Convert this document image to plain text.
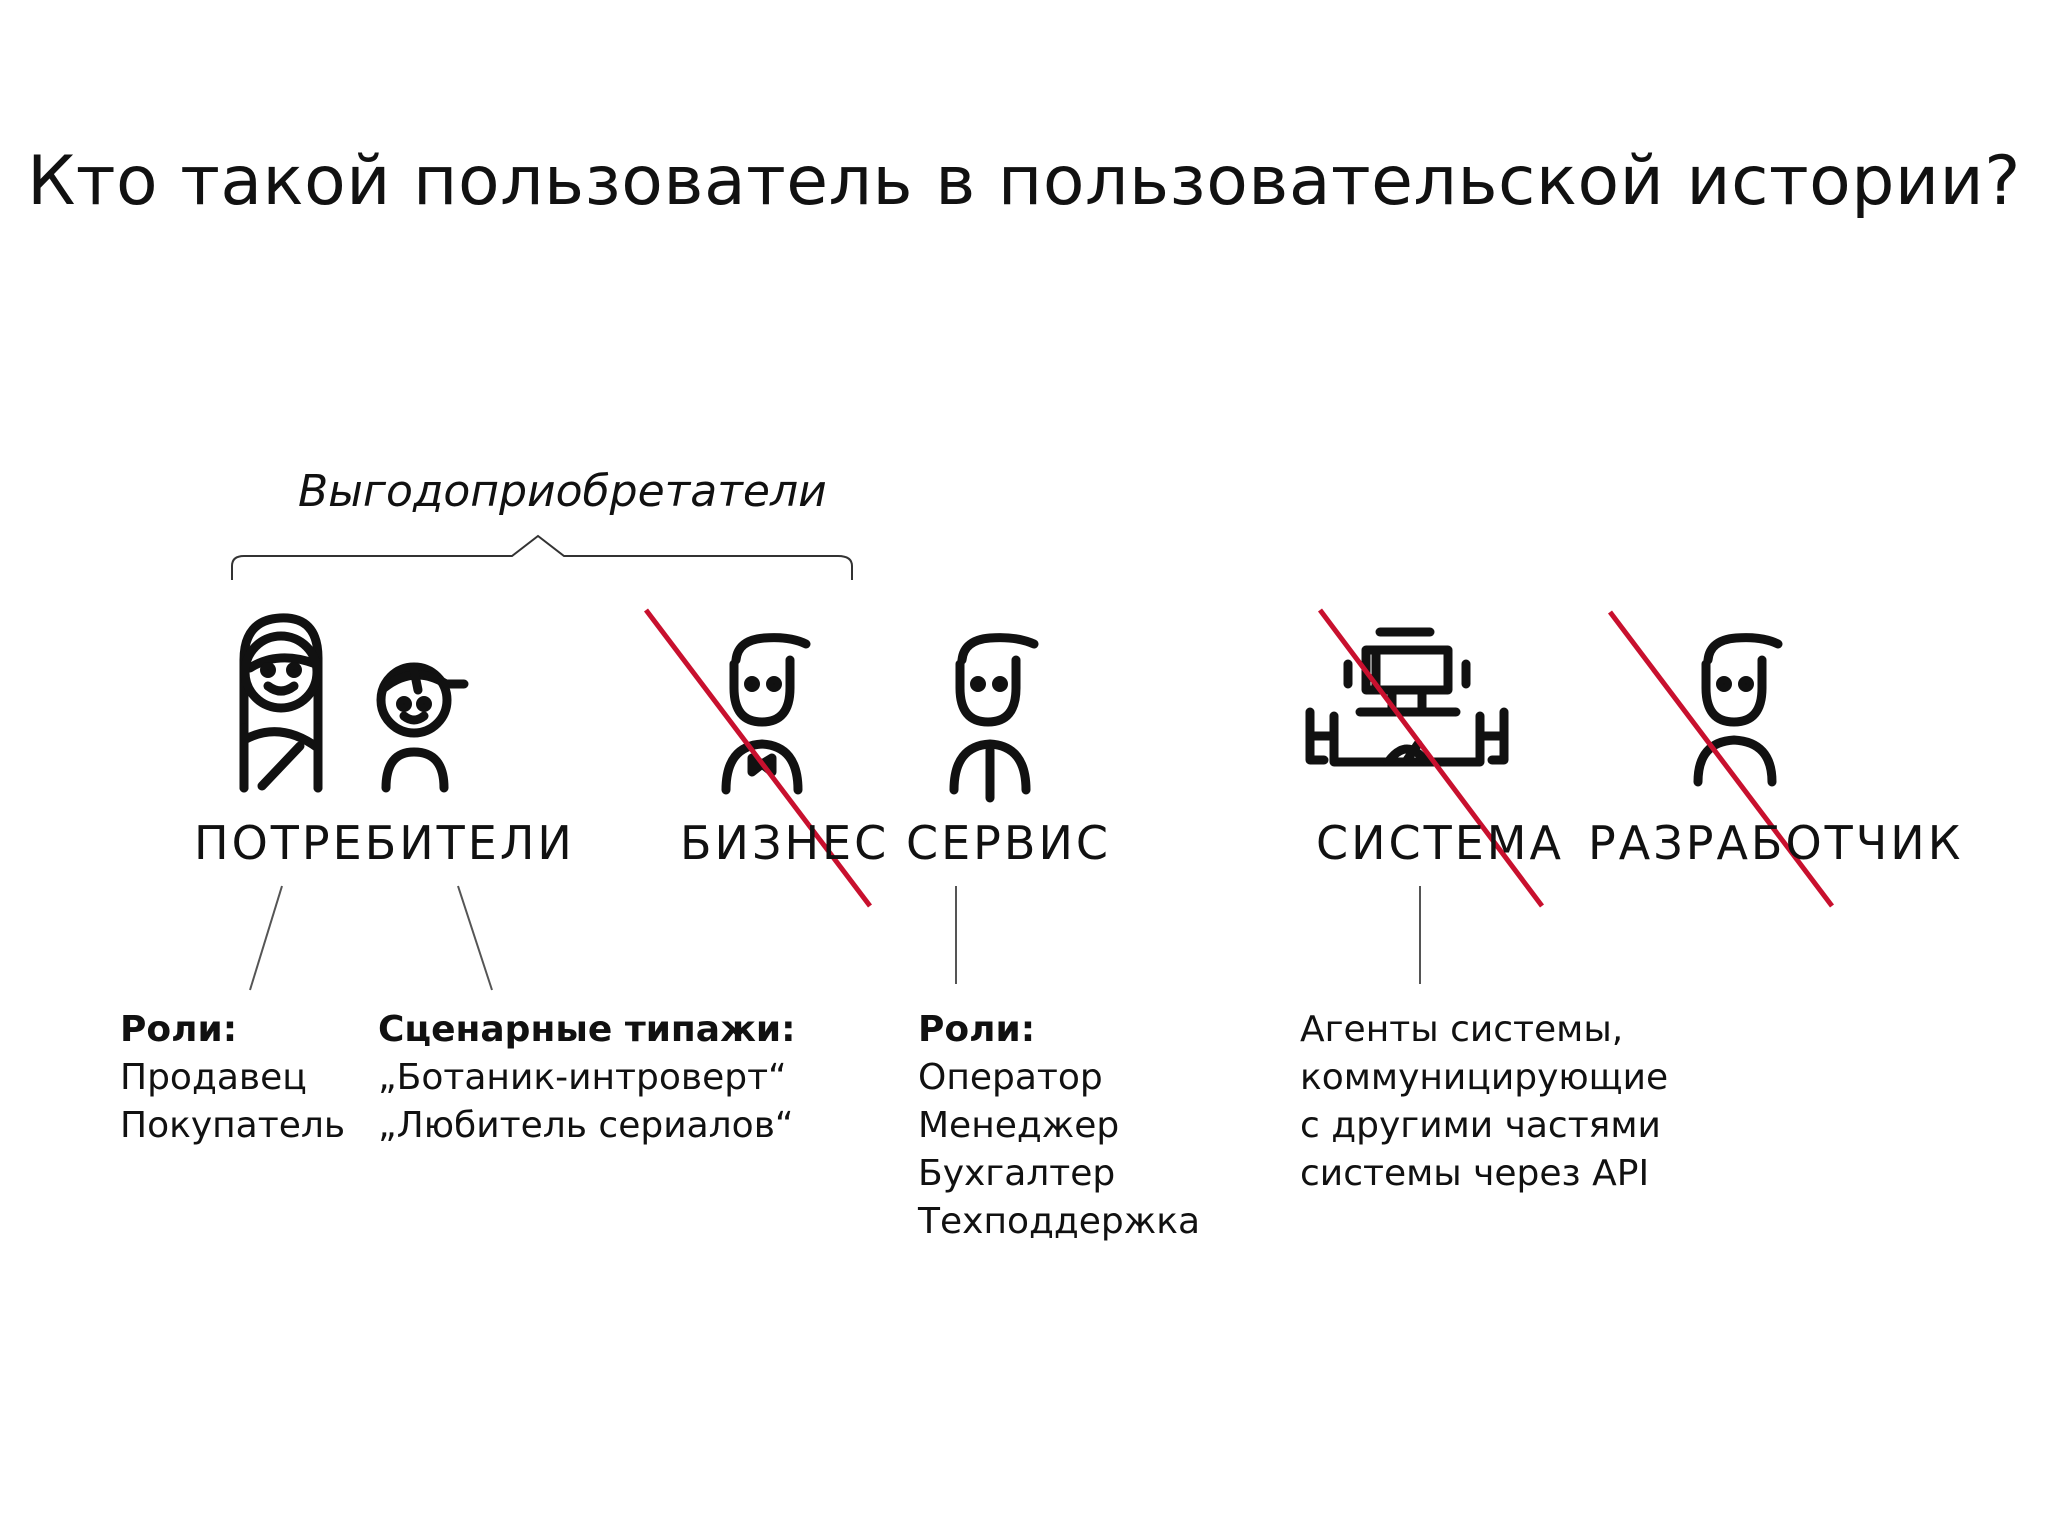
Кто такой пользователь в пользовательской истории?
Выгодоприобретатели
ПОТРЕБИТЕЛИ БИЗНЕС СЕРВИС	СИСТЕМА РАЗРАБОТЧИК
Роли:
Продавец
Покупатель
Сценарные типажи:
„Ботаник-интроверт“
„Любитель сериалов“
Роли:
Оператор
Менеджер
Бухгалтер
Техподдержка
Агенты системы,
коммуницирующие
с другими частями
системы через API
